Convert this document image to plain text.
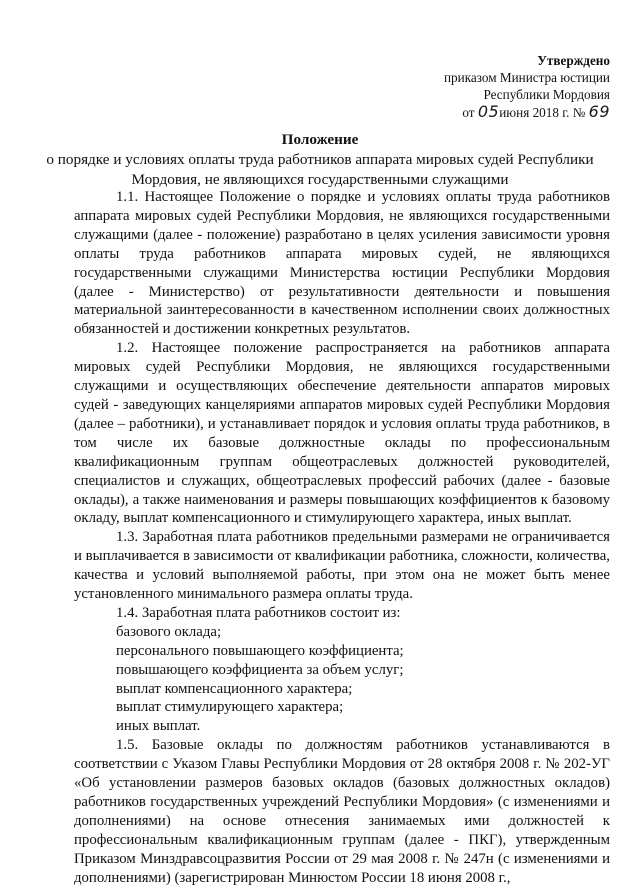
Утверждено
приказом Министра юстиции
Республики Мордовия
от 05июня 2018 г. № 69
Положение
о порядке и условиях оплаты труда работников аппарата мировых судей Республики Мордовия, не являющихся государственными служащими

1.1. Настоящее Положение о порядке и условиях оплаты труда работников аппарата мировых судей Республики Мордовия, не являющихся государственными служащими (далее - положение) разработано в целях усиления зависимости уровня оплаты труда работников аппарата мировых судей, не являющихся государственными служащими Министерства юстиции Республики Мордовия (далее - Министерство) от результативности деятельности и повышения материальной заинтересованности в качественном исполнении своих должностных обязанностей и достижении конкретных результатов.

1.2. Настоящее положение распространяется на работников аппарата мировых судей Республики Мордовия, не являющихся государственными служащими и осуществляющих обеспечение деятельности аппаратов мировых судей - заведующих канцеляриями аппаратов мировых судей Республики Мордовия (далее – работники), и устанавливает порядок и условия оплаты труда работников, в том числе их базовые должностные оклады по профессиональным квалификационным группам общеотраслевых должностей руководителей, специалистов и служащих, общеотраслевых профессий рабочих (далее - базовые оклады), а также наименования и размеры повышающих коэффициентов к базовому окладу, выплат компенсационного и стимулирующего характера, иных выплат.

1.3. Заработная плата работников предельными размерами не ограничивается и выплачивается в зависимости от квалификации работника, сложности, количества, качества и условий выполняемой работы, при этом она не может быть менее установленного минимального размера оплаты труда.

1.4. Заработная плата работников состоит из:

базового оклада;

персонального повышающего коэффициента;

повышающего коэффициента за объем услуг;

выплат компенсационного характера;

выплат стимулирующего характера;

иных выплат.

1.5. Базовые оклады по должностям работников устанавливаются в соответствии с Указом Главы Республики Мордовия от 28 октября 2008 г. № 202-УГ «Об установлении размеров базовых окладов (базовых должностных окладов) работников государственных учреждений Республики Мордовия» (с изменениями и дополнениями) на основе отнесения занимаемых ими должностей к профессиональным квалификационным группам (далее - ПКГ), утвержденным Приказом Минздравсоцразвития России от 29 мая 2008 г. № 247н (с изменениями и дополнениями) (зарегистрирован Минюстом России 18 июня 2008 г.,
